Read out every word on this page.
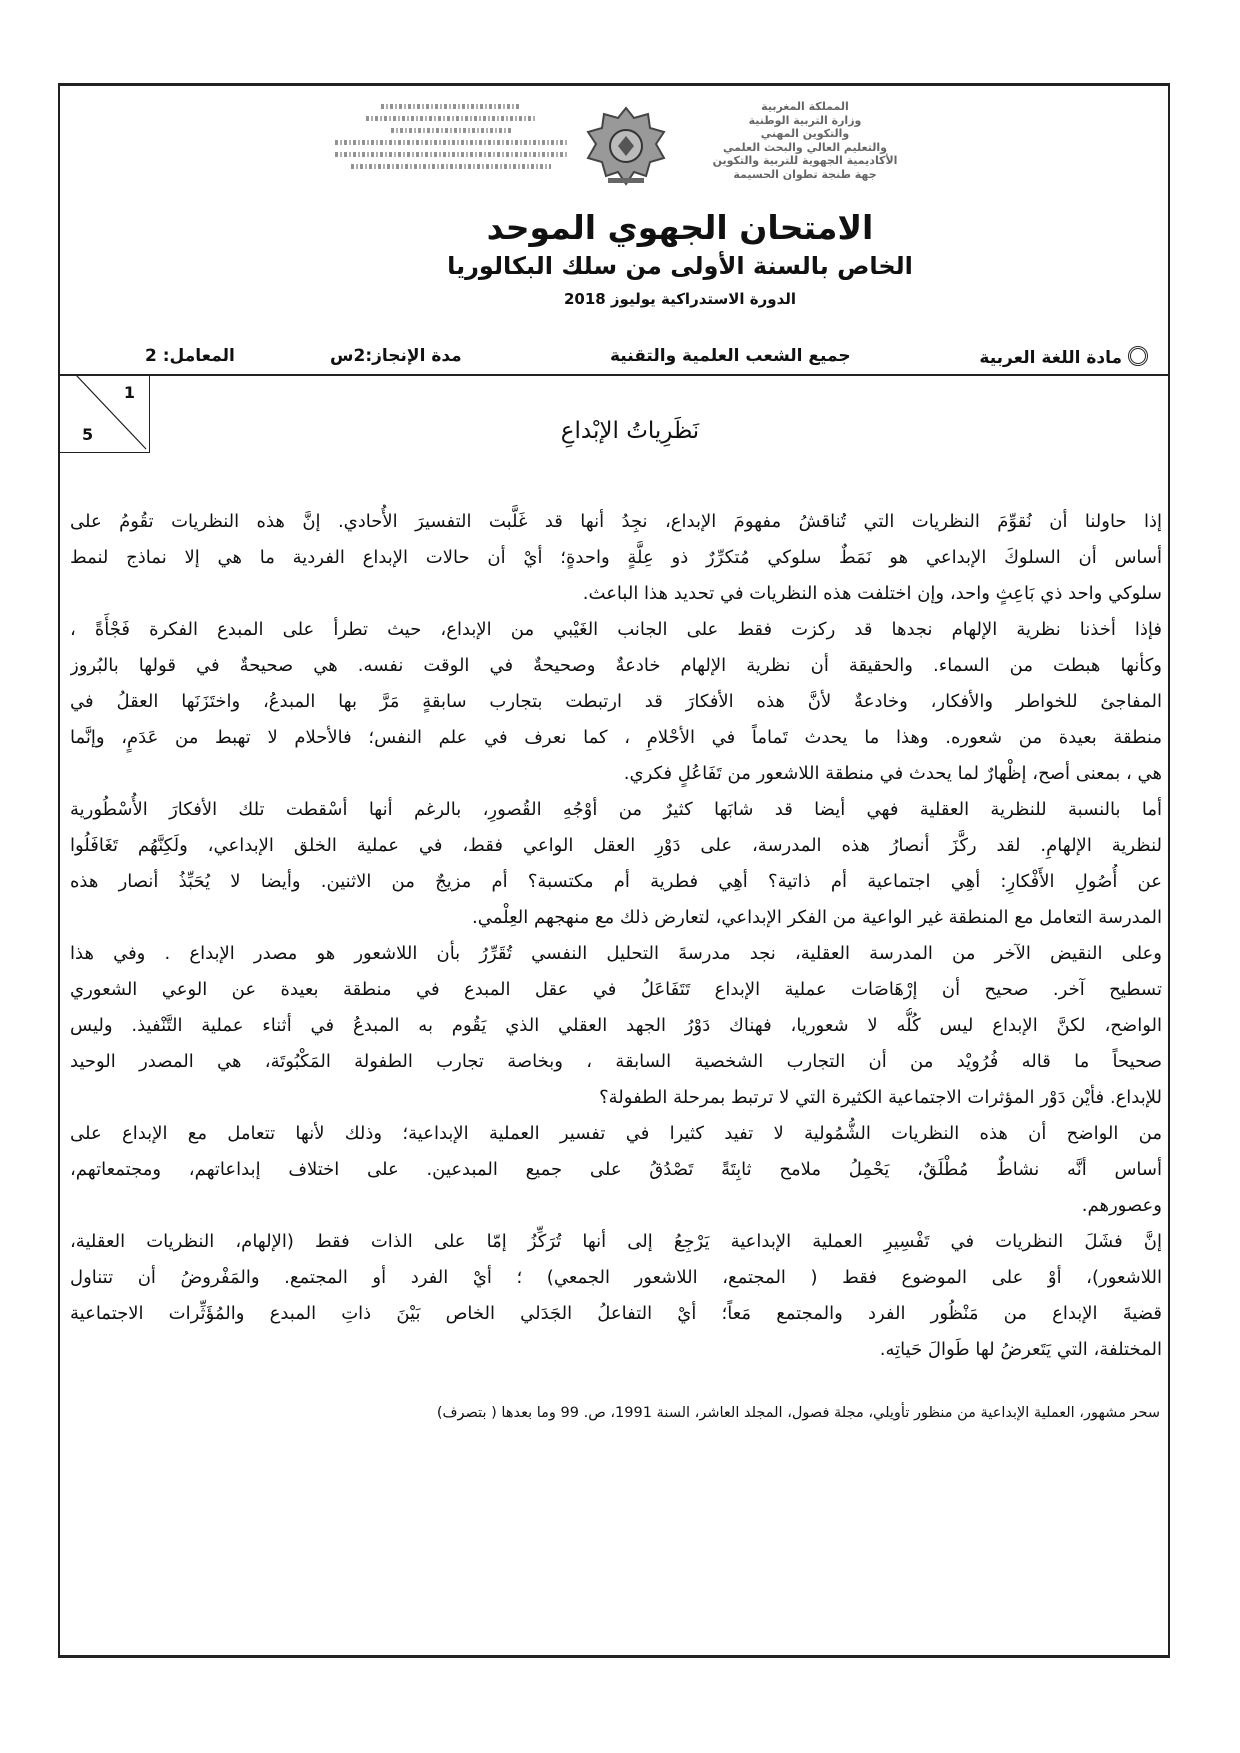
المملكة المغربية
وزارة التربية الوطنية
والتكوين المهني
والتعليم العالي والبحث العلمي
الأكاديمية الجهوية للتربية والتكوين
جهة طنجة تطوان الحسيمة
الامتحان الجهوي الموحد
الخاص بالسنة الأولى من سلك البكالوريا
الدورة الاستدراكية يوليوز 2018
مادة اللغة العربية
جميع الشعب العلمية والتقنية
مدة الإنجاز:2س
المعامل: 2
1
5	نَظَرِياتُ الإبْداعِ
إذا حاولنا أن نُقوِّمَ النظريات التي تُناقشُ مفهومَ الإبداع، نجِدُ أنها قد غَلَّبت التفسيرَ الأُحادي. إنَّ هذه النظريات تقُومُ على
أساس أن السلوكَ الإبداعي هو نَمَطٌ سلوكي مُتكرِّرٌ ذو عِلَّةٍ واحدةٍ؛ أيْ أن حالات الإبداع الفردية ما هي إلا نماذج لنمط
سلوكي واحد ذي بَاعِثٍ واحد، وإن اختلفت هذه النظريات في تحديد هذا الباعث.
فإذا أخذنا نظرية الإلهام نجدها قد ركزت فقط على الجانب الغَيْبي من الإبداع، حيث تطرأ على المبدع الفكرة فَجْأَةً ،
وكأنها هبطت من السماء. والحقيقة أن نظرية الإلهام خادعةٌ وصحيحةٌ في الوقت نفسه. هي صحيحةٌ في قولها بالبُروز
المفاجئ للخواطر والأفكار، وخادعةٌ لأنَّ هذه الأفكارَ قد ارتبطت بتجارب سابقةٍ مَرَّ بها المبدعُ، واختَزَنَها العقلُ في
منطقة بعيدة من شعوره. وهذا ما يحدث تَماماً في الأحْلامِ ، كما نعرف في علم النفس؛ فالأحلام لا تهبط من عَدَمٍ، وإنَّما
هي ، بمعنى أصح، إظْهارٌ لما يحدث في منطقة اللاشعور من تَفَاعُلٍ فكري.
أما بالنسبة للنظرية العقلية فهي أيضا قد شابَها كثيرٌ من أوْجُهِ القُصورِ، بالرغم أنها أسْقطت تلك الأفكارَ الأُسْطُورية
لنظرية الإلهامِ. لقد ركَّزَ أنصارُ هذه المدرسة، على دَوْرِ العقل الواعي فقط، في عملية الخلق الإبداعي، ولَكِنَّهُم تَغَافَلُوا
عن أُصُولِ الأَفْكارِ: أهِي اجتماعية أم ذاتية؟ أهِي فطرية أم مكتسبة؟ أم مزيجٌ من الاثنين. وأيضا لا يُحَبِّذُ أنصار هذه
المدرسة التعامل مع المنطقة غير الواعية من الفكر الإبداعي، لتعارض ذلك مع منهجهم العِلْمي.
وعلى النقيض الآخر من المدرسة العقلية، نجد مدرسةَ التحليل النفسي تُقَرِّرُ بأن اللاشعور هو مصدر الإبداع . وفي هذا
تسطيح آخر. صحيح أن إرْهَاصَات عملية الإبداع تَتَفَاعَلُ في عقل المبدع في منطقة بعيدة عن الوعي الشعوري
الواضح، لكنَّ الإبداع ليس كُلُّه لا شعوريا، فهناك دَوْرُ الجهد العقلي الذي يَقُوم به المبدعُ في أثناء عملية التَّنْفيذ. وليس
صحيحاً ما قاله فُرُويْد من أن التجارب الشخصية السابقة ، وبخاصة تجارب الطفولة المَكْبُوتَة، هي المصدر الوحيد
للإبداع. فأيْن دَوْر المؤثرات الاجتماعية الكثيرة التي لا ترتبط بمرحلة الطفولة؟
من الواضح أن هذه النظريات الشُّمُولية لا تفيد كثيرا في تفسير العملية الإبداعية؛ وذلك لأنها تتعامل مع الإبداع على
أساس أنَّه نشاطٌ مُطْلَقٌ، يَحْمِلُ ملامح ثابِتَةً تَصْدُقُ على جميع المبدعين. على اختلاف إبداعاتهم، ومجتمعاتهم،
وعصورهم.
إنَّ فشَلَ النظريات في تَفْسِيرِ العملية الإبداعية يَرْجِعُ إلى أنها تُرَكِّزُ إمّا على الذات فقط (الإلهام، النظريات العقلية،
اللاشعور)، أوْ على الموضوع فقط ( المجتمع، اللاشعور الجمعي) ؛ أيْ الفرد أو المجتمع. والمَفْروضُ أن تتناول
قضيةَ الإبداع من مَنْظُور الفرد والمجتمع مَعاً؛ أيْ التفاعلُ الجَدَلي الخاص بَيْنَ ذاتِ المبدع والمُؤَثِّرات الاجتماعية
المختلفة، التي يَتَعرضُ لها طَوالَ حَياتِه.
سحر مشهور، العملية الإبداعية من منظور تأويلي، مجلة فصول، المجلد العاشر، السنة 1991، ص. 99 وما بعدها ( بتصرف)
